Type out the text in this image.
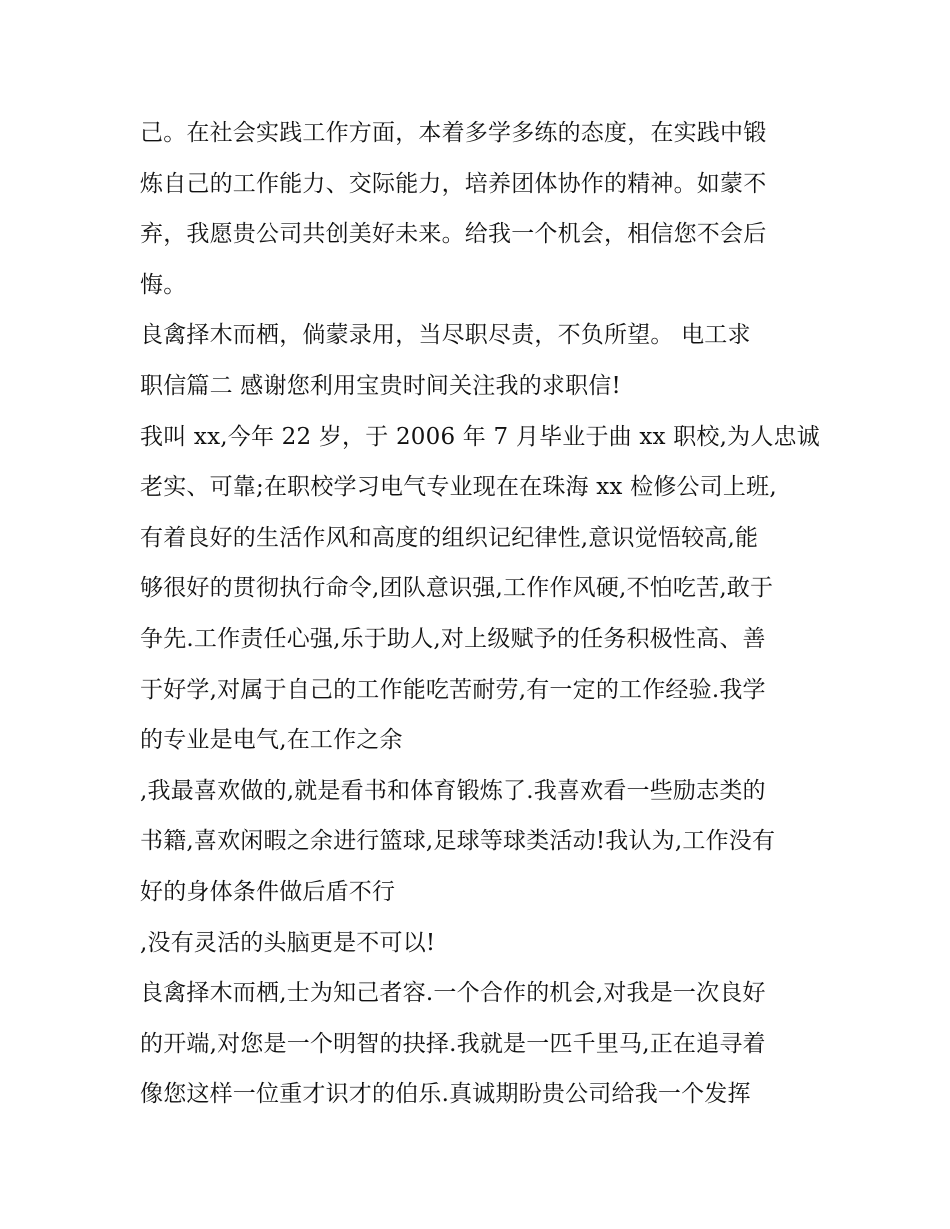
己。在社会实践工作方面，本着多学多练的态度，在实践中锻
炼自己的工作能力、交际能力，培养团体协作的精神。如蒙不
弃，我愿贵公司共创美好未来。给我一个机会，相信您不会后
悔。
良禽择木而栖，倘蒙录用，当尽职尽责，不负所望。 电工求
职信篇二 感谢您利用宝贵时间关注我的求职信!
我叫 xx,今年 22 岁，于 2006 年 7 月毕业于曲 xx 职校,为人忠诚
老实、可靠;在职校学习电气专业现在在珠海 xx 检修公司上班,
有着良好的生活作风和高度的组织记纪律性,意识觉悟较高,能
够很好的贯彻执行命令,团队意识强,工作作风硬,不怕吃苦,敢于
争先.工作责任心强,乐于助人,对上级赋予的任务积极性高、善
于好学,对属于自己的工作能吃苦耐劳,有一定的工作经验.我学
的专业是电气,在工作之余
,我最喜欢做的,就是看书和体育锻炼了.我喜欢看一些励志类的
书籍,喜欢闲暇之余进行篮球,足球等球类活动!我认为,工作没有
好的身体条件做后盾不行
,没有灵活的头脑更是不可以!
良禽择木而栖,士为知己者容.一个合作的机会,对我是一次良好
的开端,对您是一个明智的抉择.我就是一匹千里马,正在追寻着
像您这样一位重才识才的伯乐.真诚期盼贵公司给我一个发挥
